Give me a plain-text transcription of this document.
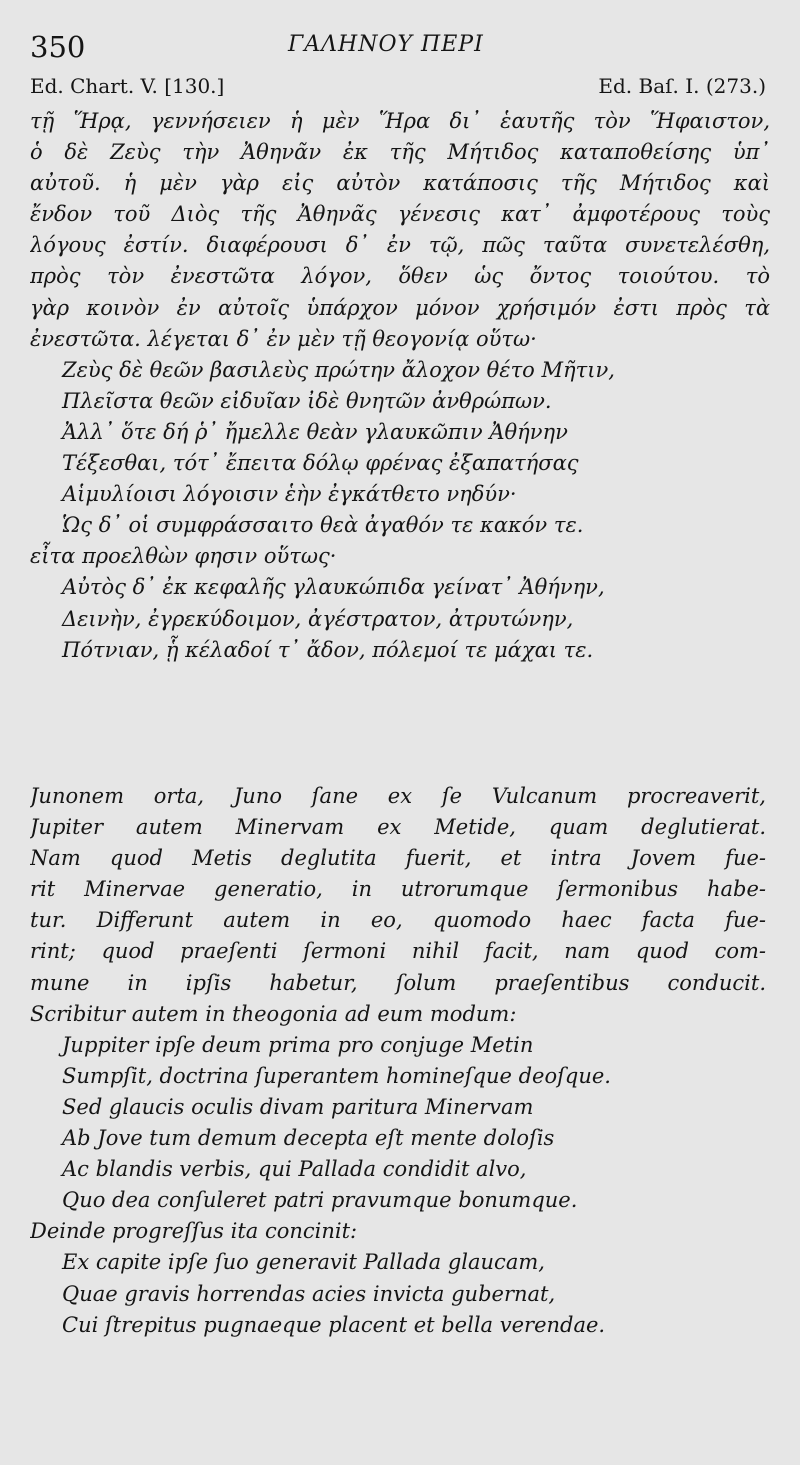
350	ΓΑΛΗΝΟΥ ΠΕΡΙ
Ed. Chart. V. [130.]	Ed. Baſ. I. (273.)
τῇ Ἥρᾳ, γεννήσειεν ἡ μὲν Ἥρα δι᾽ ἑαυτῆς τὸν Ἥφαιστον,
ὁ δὲ Ζεὺς τὴν Ἀθηνᾶν ἐκ τῆς Μήτιδος καταποθείσης ὑπ᾽
αὐτοῦ. ἡ μὲν γὰρ εἰς αὐτὸν κατάποσις τῆς Μήτιδος καὶ
ἔνδον τοῦ Διὸς τῆς Ἀθηνᾶς γένεσις κατ᾽ ἀμφοτέρους τοὺς
λόγους ἐστίν. διαφέρουσι δ᾽ ἐν τῷ, πῶς ταῦτα συνετελέσθη,
πρὸς τὸν ἐνεστῶτα λόγον, ὅθεν ὡς ὄντος τοιούτου. τὸ
γὰρ κοινὸν ἐν αὐτοῖς ὑπάρχον μόνον χρήσιμόν ἐστι πρὸς τὰ
ἐνεστῶτα. λέγεται δ᾽ ἐν μὲν τῇ θεογονίᾳ οὕτω·
Ζεὺς δὲ θεῶν βασιλεὺς πρώτην ἄλοχον θέτο Μῆτιν,
Πλεῖστα θεῶν εἰδυῖαν ἰδὲ θνητῶν ἀνθρώπων.
Ἀλλ᾽ ὅτε δή ῥ᾽ ἤμελλε θεὰν γλαυκῶπιν Ἀθήνην
Τέξεσθαι, τότ᾽ ἔπειτα δόλῳ φρένας ἐξαπατήσας
Αἱμυλίοισι λόγοισιν ἑὴν ἐγκάτθετο νηδύν·
Ὡς δ᾽ οἱ συμφράσσαιτο θεὰ ἀγαθόν τε κακόν τε.
εἶτα προελθὼν φησιν οὕτως·
Αὐτὸς δ᾽ ἐκ κεφαλῆς γλαυκώπιδα γείνατ᾽ Ἀθήνην,
Δεινὴν, ἐγρεκύδοιμον, ἀγέστρατον, ἀτρυτώνην,
Πότνιαν, ᾗ κέλαδοί τ᾽ ἄδον, πόλεμοί τε μάχαι τε.
Junonem orta, Juno ſane ex ſe Vulcanum procreaverit,
Jupiter autem Minervam ex Metide, quam deglutierat.
Nam quod Metis deglutita fuerit, et intra Jovem fue-
rit Minervae generatio, in utrorumque ſermonibus habe-
tur. Differunt autem in eo, quomodo haec facta fue-
rint; quod praeſenti ſermoni nihil facit, nam quod com-
mune in ipſis habetur, ſolum praeſentibus conducit.
Scribitur autem in theogonia ad eum modum:
Juppiter ipſe deum prima pro conjuge Metin
Sumpſit, doctrina ſuperantem homineſque deoſque.
Sed glaucis oculis divam paritura Minervam
Ab Jove tum demum decepta eſt mente doloſis
Ac blandis verbis, qui Pallada condidit alvo,
Quo dea conſuleret patri pravumque bonumque.
Deinde progreſſus ita concinit:
Ex capite ipſe ſuo generavit Pallada glaucam,
Quae gravis horrendas acies invicta gubernat,
Cui ſtrepitus pugnaeque placent et bella verendae.
